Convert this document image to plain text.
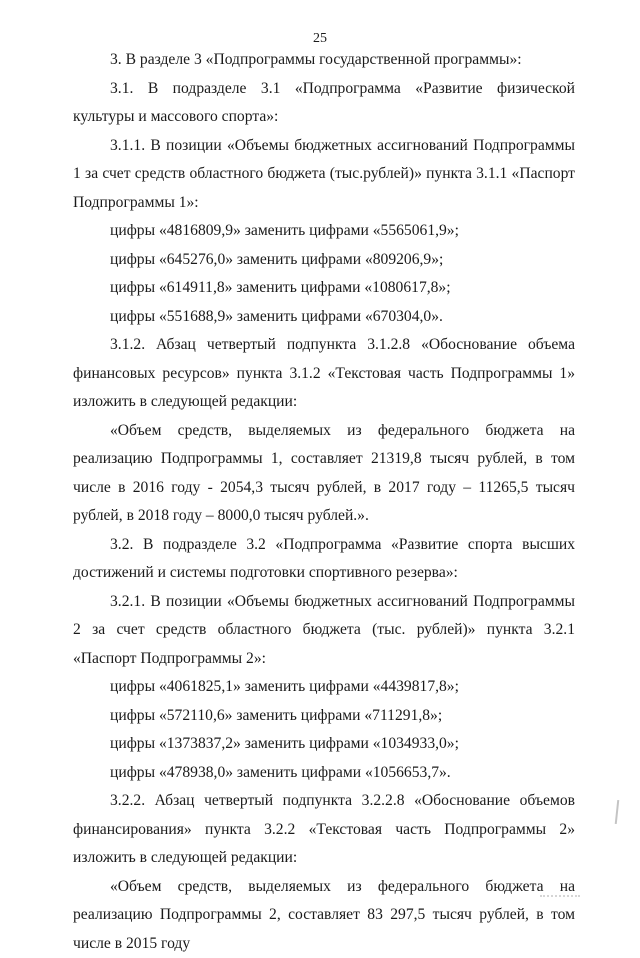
25

3. В разделе 3 «Подпрограммы государственной программы»:

3.1. В подразделе 3.1 «Подпрограмма «Развитие физической культуры и массового спорта»:

3.1.1. В позиции «Объемы бюджетных ассигнований Подпрограммы 1 за счет средств областного бюджета (тыс.рублей)» пункта 3.1.1 «Паспорт Подпрограммы 1»:

цифры «4816809,9» заменить цифрами «5565061,9»;

цифры «645276,0» заменить цифрами «809206,9»;

цифры «614911,8» заменить цифрами «1080617,8»;

цифры «551688,9» заменить цифрами «670304,0».

3.1.2. Абзац четвертый подпункта 3.1.2.8 «Обоснование объема финансовых ресурсов» пункта 3.1.2 «Текстовая часть Подпрограммы 1» изложить в следующей редакции:

«Объем средств, выделяемых из федерального бюджета на реализацию Подпрограммы 1, составляет 21319,8 тысяч рублей, в том числе в 2016 году - 2054,3 тысяч рублей, в 2017 году – 11265,5 тысяч рублей, в 2018 году – 8000,0 тысяч рублей.».

3.2. В подразделе 3.2 «Подпрограмма «Развитие спорта высших достижений и системы подготовки спортивного резерва»:

3.2.1. В позиции «Объемы бюджетных ассигнований Подпрограммы 2 за счет средств областного бюджета (тыс. рублей)» пункта 3.2.1 «Паспорт Подпрограммы 2»:

цифры «4061825,1» заменить цифрами «4439817,8»;

цифры «572110,6» заменить цифрами «711291,8»;

цифры «1373837,2» заменить цифрами «1034933,0»;

цифры «478938,0» заменить цифрами «1056653,7».

3.2.2. Абзац четвертый подпункта 3.2.2.8 «Обоснование объемов финансирования» пункта 3.2.2 «Текстовая часть Подпрограммы 2» изложить в следующей редакции:

«Объем средств, выделяемых из федерального бюджета на реализацию Подпрограммы 2, составляет 83 297,5 тысяч рублей, в том числе в 2015 году
